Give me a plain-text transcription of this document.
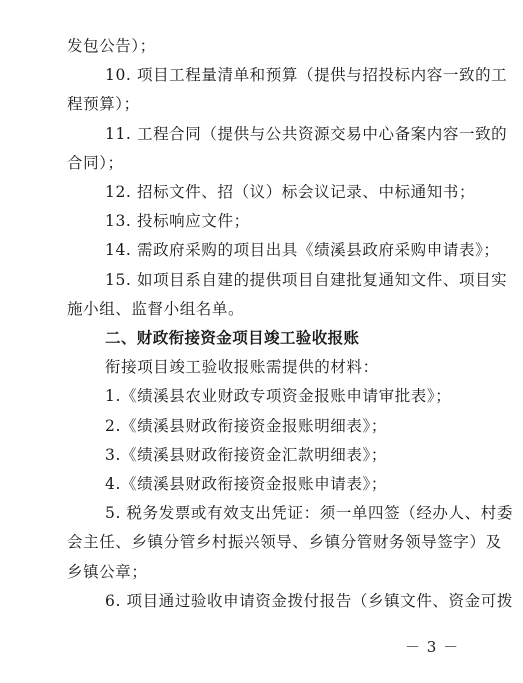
发包公告）；
10. 项目工程量清单和预算（提供与招投标内容一致的工
程预算）；
11. 工程合同（提供与公共资源交易中心备案内容一致的
合同）；
12. 招标文件、招（议）标会议记录、中标通知书；
13. 投标响应文件；
14. 需政府采购的项目出具《绩溪县政府采购申请表》；
15. 如项目系自建的提供项目自建批复通知文件、项目实
施小组、监督小组名单。
二、财政衔接资金项目竣工验收报账
衔接项目竣工验收报账需提供的材料：
1.《绩溪县农业财政专项资金报账申请审批表》；
2.《绩溪县财政衔接资金报账明细表》；
3.《绩溪县财政衔接资金汇款明细表》；
4.《绩溪县财政衔接资金报账申请表》；
5. 税务发票或有效支出凭证：须一单四签（经办人、村委
会主任、乡镇分管乡村振兴领导、乡镇分管财务领导签字）及
乡镇公章；
6. 项目通过验收申请资金拨付报告（乡镇文件、资金可拨
－ 3 －
